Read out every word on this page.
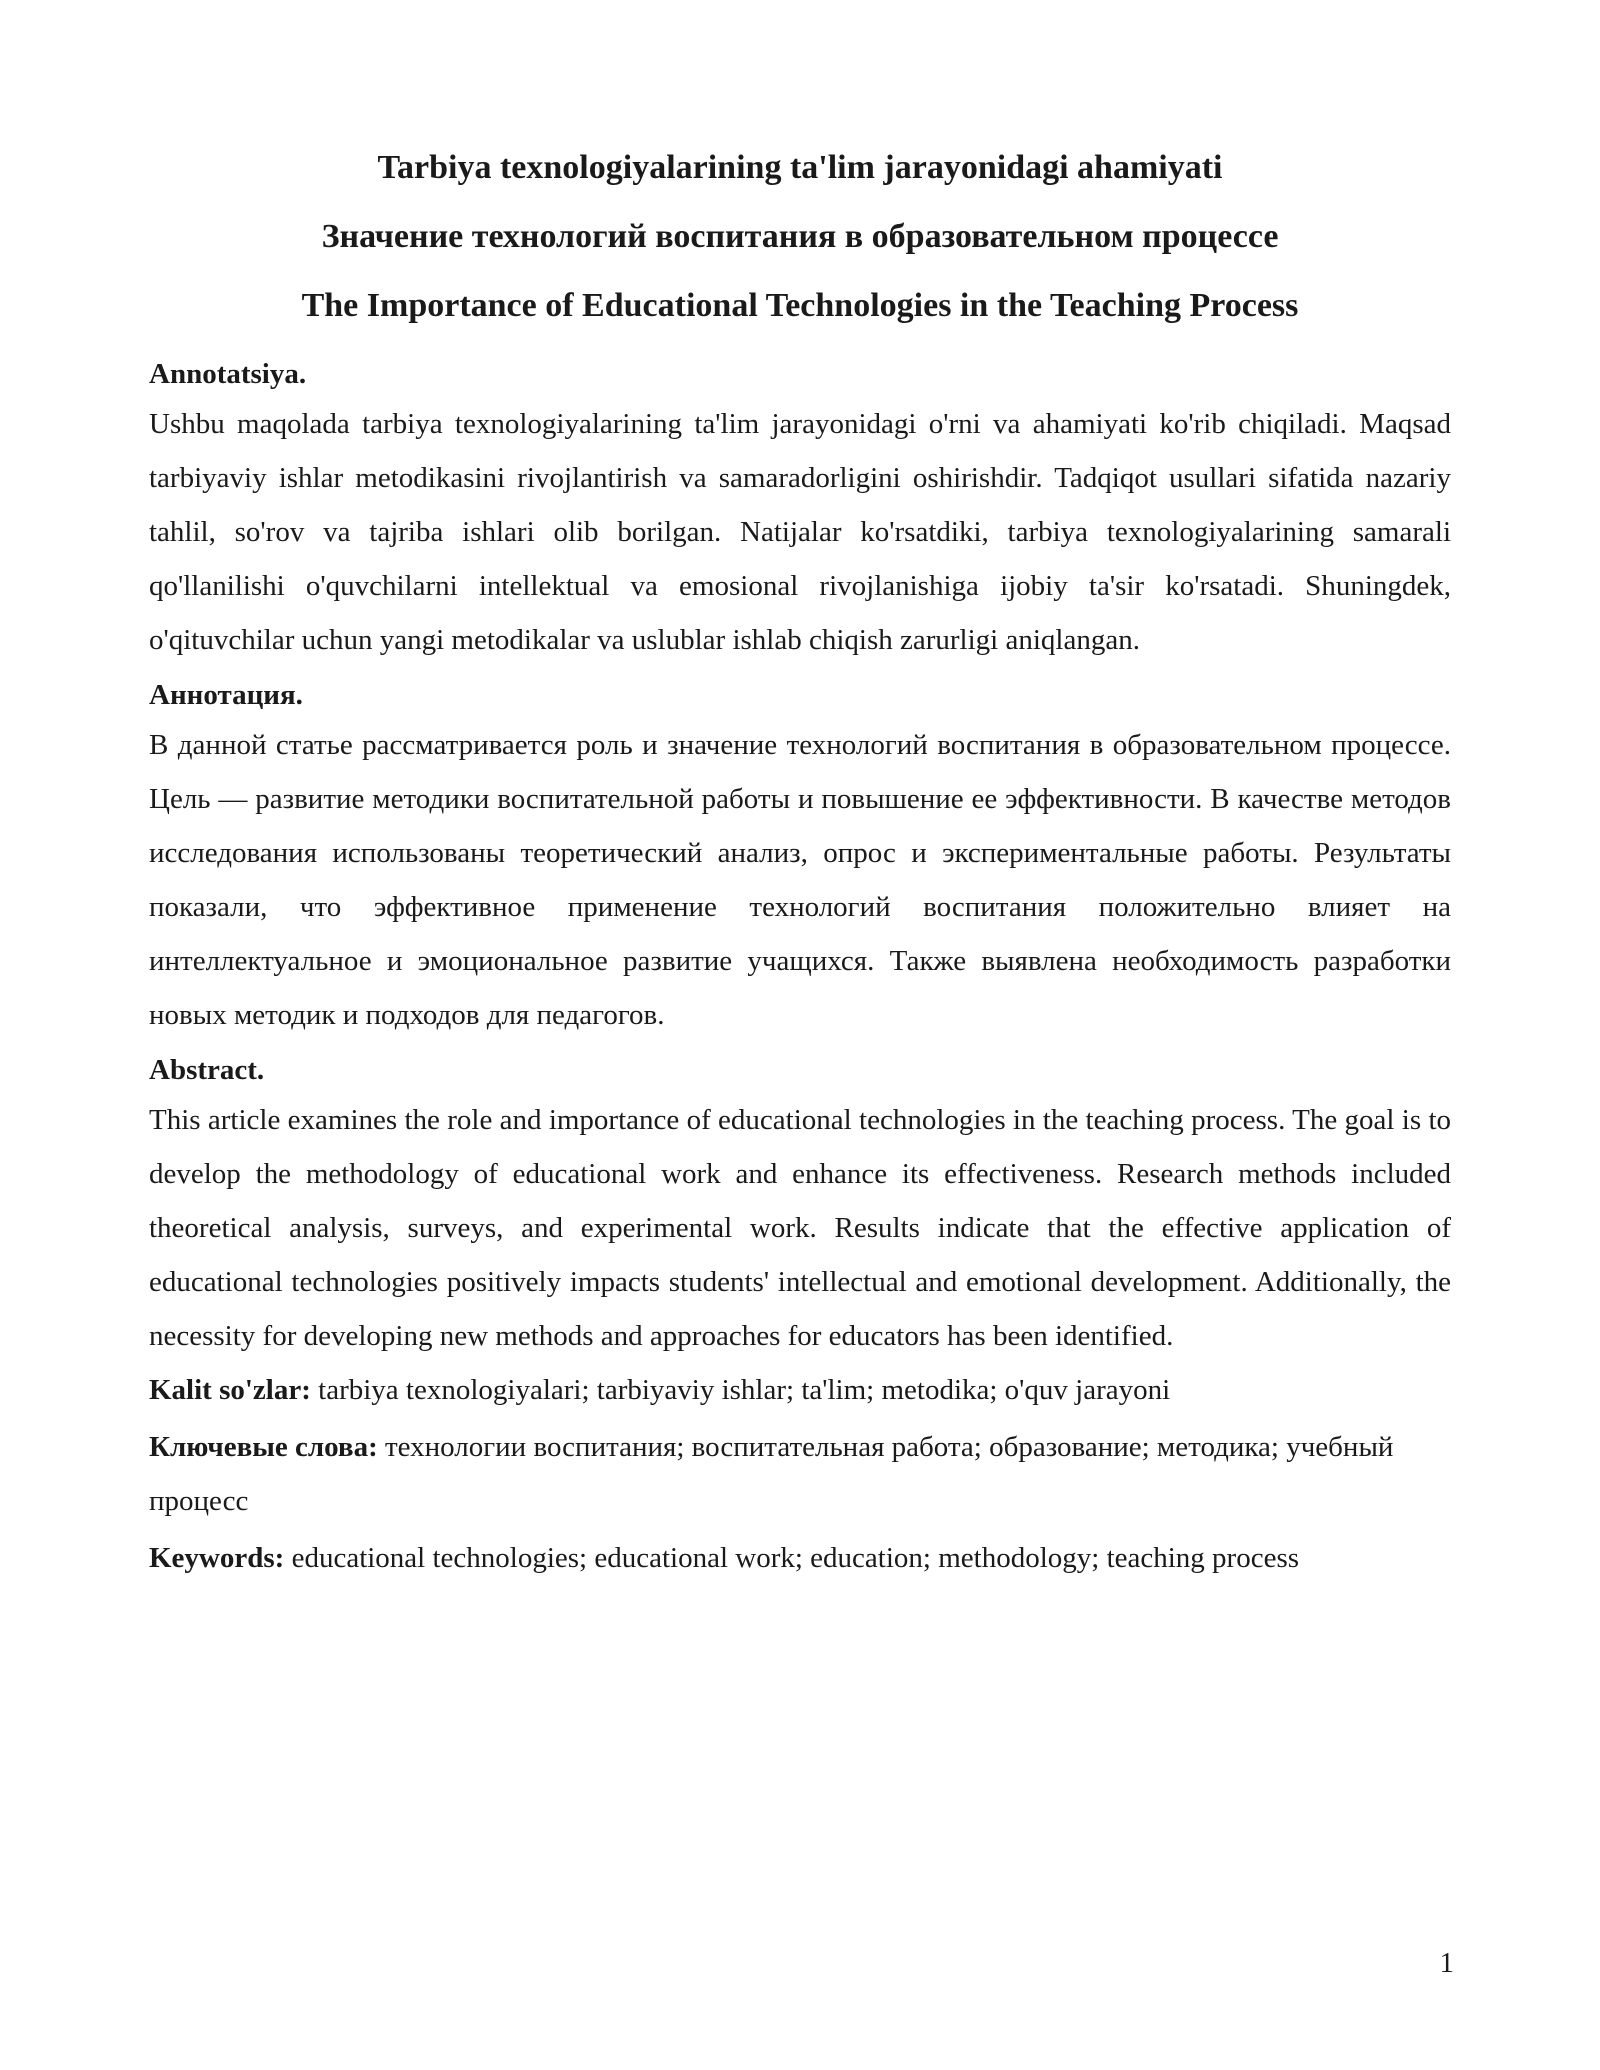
Tarbiya texnologiyalarining ta'lim jarayonidagi ahamiyati
Значение технологий воспитания в образовательном процессе
The Importance of Educational Technologies in the Teaching Process

Annotatsiya.

Ushbu maqolada tarbiya texnologiyalarining ta'lim jarayonidagi o'rni va ahamiyati ko'rib chiqiladi. Maqsad tarbiyaviy ishlar metodikasini rivojlantirish va samaradorligini oshirishdir. Tadqiqot usullari sifatida nazariy tahlil, so'rov va tajriba ishlari olib borilgan. Natijalar ko'rsatdiki, tarbiya texnologiyalarining samarali qo'llanilishi o'quvchilarni intellektual va emosional rivojlanishiga ijobiy ta'sir ko'rsatadi. Shuningdek, o'qituvchilar uchun yangi metodikalar va uslublar ishlab chiqish zarurligi aniqlangan.

Аннотация.

В данной статье рассматривается роль и значение технологий воспитания в образовательном процессе. Цель — развитие методики воспитательной работы и повышение ее эффективности. В качестве методов исследования использованы теоретический анализ, опрос и экспериментальные работы. Результаты показали, что эффективное применение технологий воспитания положительно влияет на интеллектуальное и эмоциональное развитие учащихся. Также выявлена необходимость разработки новых методик и подходов для педагогов.

Abstract.

This article examines the role and importance of educational technologies in the teaching process. The goal is to develop the methodology of educational work and enhance its effectiveness. Research methods included theoretical analysis, surveys, and experimental work. Results indicate that the effective application of educational technologies positively impacts students' intellectual and emotional development. Additionally, the necessity for developing new methods and approaches for educators has been identified.

Kalit so'zlar: tarbiya texnologiyalari; tarbiyaviy ishlar; ta'lim; metodika; o'quv jarayoni

Ключевые слова: технологии воспитания; воспитательная работа; образование; методика; учебный процесс

Keywords: educational technologies; educational work; education; methodology; teaching process

1
